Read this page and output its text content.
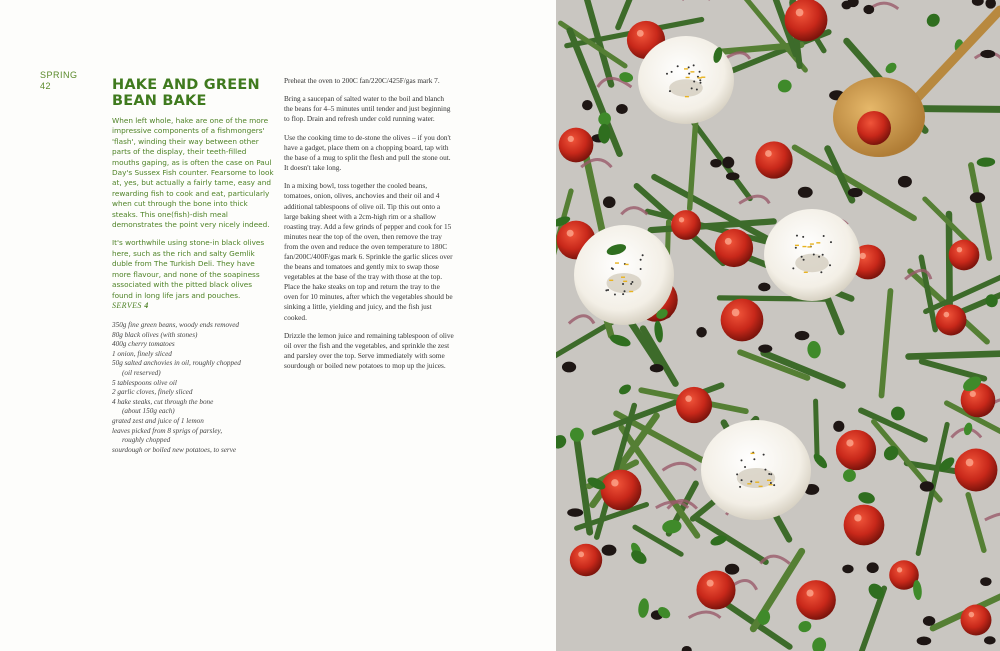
SPRING
42	HAKE AND GREEN BEAN BAKE

When left whole, hake are one of the more impressive components of a fishmongers' 'flash', winding their way between other parts of the display, their teeth-filled mouths gaping, as is often the case on Paul Day's Sussex Fish counter. Fearsome to look at, yes, but actually a fairly tame, easy and rewarding fish to cook and eat, particularly when cut through the bone into thick steaks. This one(fish)-dish meal demonstrates the point very nicely indeed.

It's worthwhile using stone-in black olives here, such as the rich and salty Gemlik duble from The Turkish Deli. They have more flavour, and none of the soapiness associated with the pitted black olives found in long life jars and pouches.

SERVES 4
350g fine green beans, woody ends removed
80g black olives (with stones)
400g cherry tomatoes
1 onion, finely sliced
50g salted anchovies in oil, roughly chopped
(oil reserved)
5 tablespoons olive oil
2 garlic cloves, finely sliced
4 hake steaks, cut through the bone
(about 150g each)
grated zest and juice of 1 lemon
leaves picked from 8 sprigs of parsley,
roughly chopped
sourdough or boiled new potatoes, to serve

Preheat the oven to 200C fan/220C/425F/gas mark 7.

Bring a saucepan of salted water to the boil and blanch the beans for 4–5 minutes until tender and just beginning to flop. Drain and refresh under cold running water.

Use the cooking time to de-stone the olives – if you don't have a gadget, place them on a chopping board, tap with the base of a mug to split the flesh and pull the stone out. It doesn't take long.

In a mixing bowl, toss together the cooled beans, tomatoes, onion, olives, anchovies and their oil and 4 additional tablespoons of olive oil. Tip this out onto a large baking sheet with a 2cm-high rim or a shallow roasting tray. Add a few grinds of pepper and cook for 15 minutes near the top of the oven, then remove the tray from the oven and reduce the oven temperature to 180C fan/200C/400F/gas mark 6. Sprinkle the garlic slices over the beans and tomatoes and gently mix to swap those vegetables at the base of the tray with those at the top. Place the hake steaks on top and return the tray to the oven for 10 minutes, after which the vegetables should be sinking a little, yielding and juicy, and the fish just cooked.

Drizzle the lemon juice and remaining tablespoon of olive oil over the fish and the vegetables, and sprinkle the zest and parsley over the top. Serve immediately with some sourdough or boiled new potatoes to mop up the juices.
